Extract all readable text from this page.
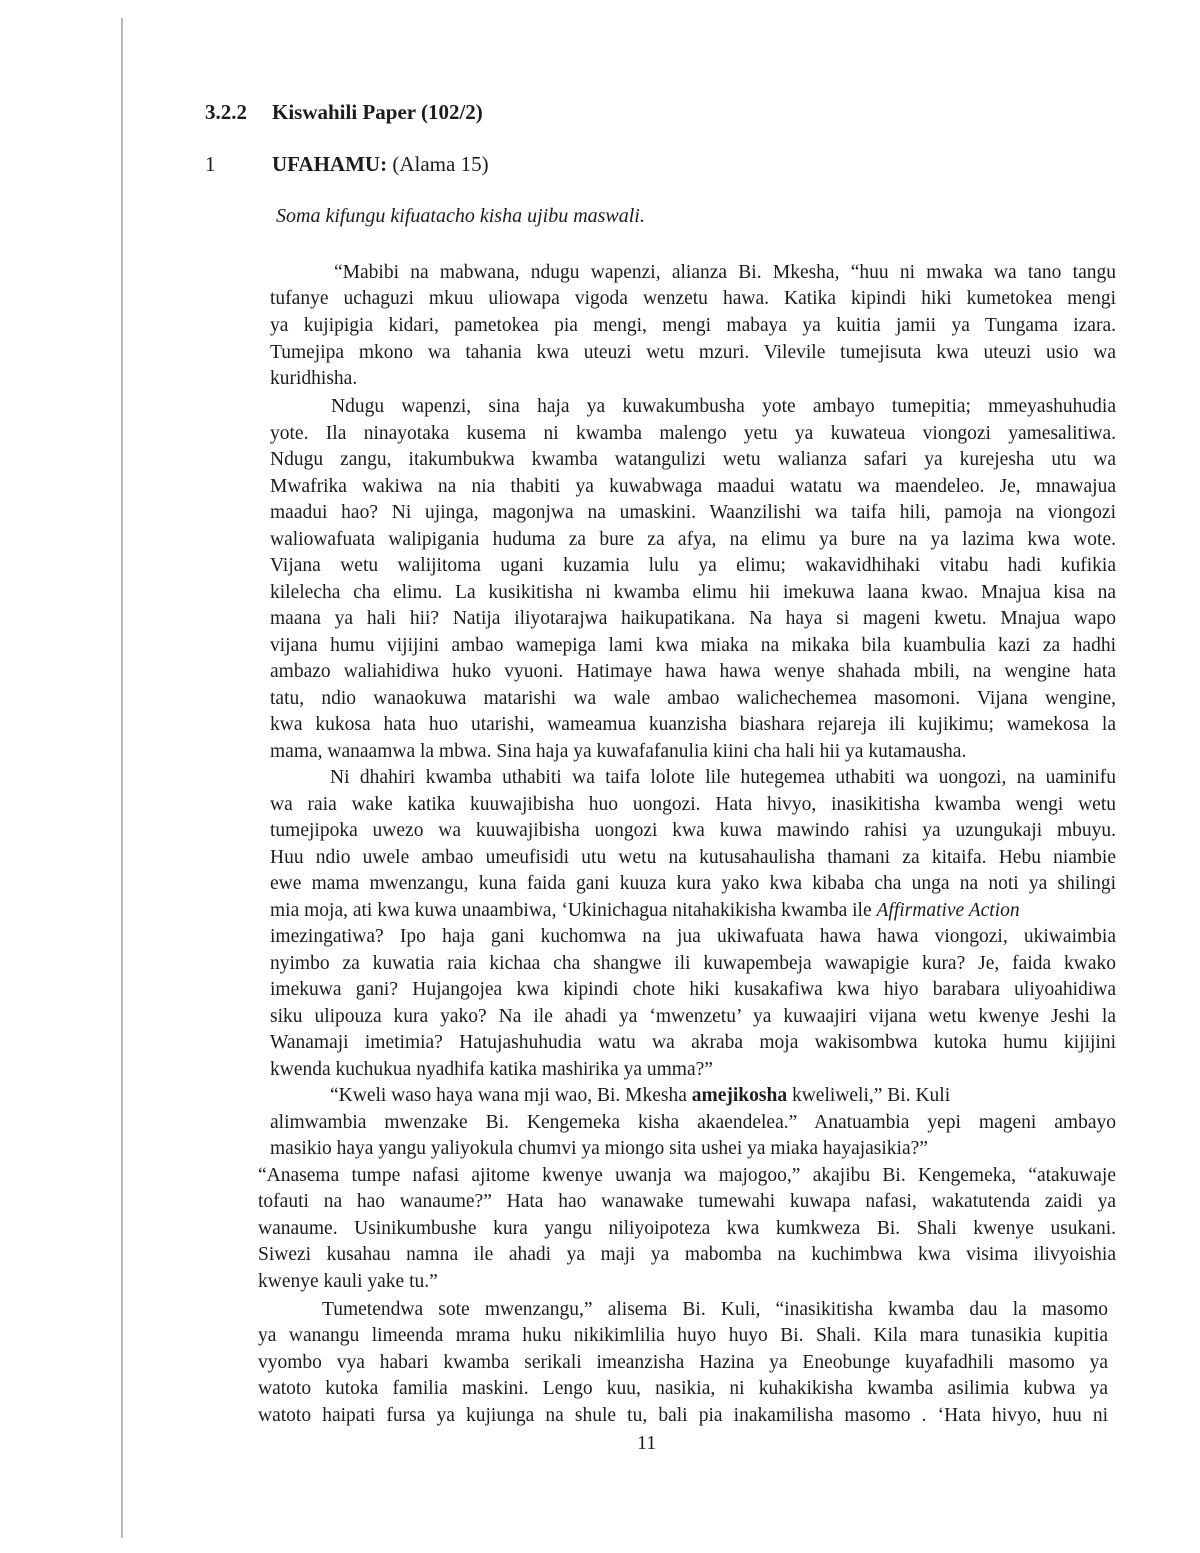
3.2.2 Kiswahili Paper (102/2)
1	UFAHAMU: (Alama 15)
Soma kifungu kifuatacho kisha ujibu maswali.
“Mabibi na mabwana, ndugu wapenzi, alianza Bi. Mkesha, “huu ni mwaka wa tano tangu
tufanye uchaguzi mkuu uliowapa vigoda wenzetu hawa. Katika kipindi hiki kumetokea mengi
ya kujipigia kidari, pametokea pia mengi, mengi mabaya ya kuitia jamii ya Tungama izara.
Tumejipa mkono wa tahania kwa uteuzi wetu mzuri. Vilevile tumejisuta kwa uteuzi usio wa
kuridhisha.
Ndugu wapenzi, sina haja ya kuwakumbusha yote ambayo tumepitia; mmeyashuhudia
yote. Ila ninayotaka kusema ni kwamba malengo yetu ya kuwateua viongozi yamesalitiwa.
Ndugu zangu, itakumbukwa kwamba watangulizi wetu walianza safari ya kurejesha utu wa
Mwafrika wakiwa na nia thabiti ya kuwabwaga maadui watatu wa maendeleo. Je, mnawajua
maadui hao? Ni ujinga, magonjwa na umaskini. Waanzilishi wa taifa hili, pamoja na viongozi
waliowafuata walipigania huduma za bure za afya, na elimu ya bure na ya lazima kwa wote.
Vijana wetu walijitoma ugani kuzamia lulu ya elimu; wakavidhihaki vitabu hadi kufikia
kilelecha cha elimu. La kusikitisha ni kwamba elimu hii imekuwa laana kwao. Mnajua kisa na
maana ya hali hii? Natija iliyotarajwa haikupatikana. Na haya si mageni kwetu. Mnajua wapo
vijana humu vijijini ambao wamepiga lami kwa miaka na mikaka bila kuambulia kazi za hadhi
ambazo waliahidiwa huko vyuoni. Hatimaye hawa hawa wenye shahada mbili, na wengine hata
tatu, ndio wanaokuwa matarishi wa wale ambao walichechemea masomoni. Vijana wengine,
kwa kukosa hata huo utarishi, wameamua kuanzisha biashara rejareja ili kujikimu; wamekosa la
mama, wanaamwa la mbwa. Sina haja ya kuwafafanulia kiini cha hali hii ya kutamausha.
Ni dhahiri kwamba uthabiti wa taifa lolote lile hutegemea uthabiti wa uongozi, na uaminifu
wa raia wake katika kuuwajibisha huo uongozi. Hata hivyo, inasikitisha kwamba wengi wetu
tumejipoka uwezo wa kuuwajibisha uongozi kwa kuwa mawindo rahisi ya uzungukaji mbuyu.
Huu ndio uwele ambao umeufisidi utu wetu na kutusahaulisha thamani za kitaifa. Hebu niambie
ewe mama mwenzangu, kuna faida gani kuuza kura yako kwa kibaba cha unga na noti ya shilingi
mia moja, ati kwa kuwa unaambiwa, ‘Ukinichagua nitahakikisha kwamba ile Affirmative Action
imezingatiwa? Ipo haja gani kuchomwa na jua ukiwafuata hawa hawa viongozi, ukiwaimbia
nyimbo za kuwatia raia kichaa cha shangwe ili kuwapembeja wawapigie kura? Je, faida kwako
imekuwa gani? Hujangojea kwa kipindi chote hiki kusakafiwa kwa hiyo barabara uliyoahidiwa
siku ulipouza kura yako? Na ile ahadi ya ‘mwenzetu’ ya kuwaajiri vijana wetu kwenye Jeshi la
Wanamaji imetimia? Hatujashuhudia watu wa akraba moja wakisombwa kutoka humu kijijini
kwenda kuchukua nyadhifa katika mashirika ya umma?”
“Kweli waso haya wana mji wao, Bi. Mkesha amejikosha kweliweli,” Bi. Kuli
alimwambia mwenzake Bi. Kengemeka kisha akaendelea.” Anatuambia yepi mageni ambayo
masikio haya yangu yaliyokula chumvi ya miongo sita ushei ya miaka hayajasikia?”
“Anasema tumpe nafasi ajitome kwenye uwanja wa majogoo,” akajibu Bi. Kengemeka, “atakuwaje
tofauti na hao wanaume?” Hata hao wanawake tumewahi kuwapa nafasi, wakatutenda zaidi ya
wanaume. Usinikumbushe kura yangu niliyoipoteza kwa kumkweza Bi. Shali kwenye usukani.
Siwezi kusahau namna ile ahadi ya maji ya mabomba na kuchimbwa kwa visima ilivyoishia
kwenye kauli yake tu.”
Tumetendwa sote mwenzangu,” alisema Bi. Kuli, “inasikitisha kwamba dau la masomo
ya wanangu limeenda mrama huku nikikimlilia huyo huyo Bi. Shali. Kila mara tunasikia kupitia
vyombo vya habari kwamba serikali imeanzisha Hazina ya Eneobunge kuyafadhili masomo ya
watoto kutoka familia maskini. Lengo kuu, nasikia, ni kuhakikisha kwamba asilimia kubwa ya
watoto haipati fursa ya kujiunga na shule tu, bali pia inakamilisha masomo . ‘Hata hivyo, huu ni
11
